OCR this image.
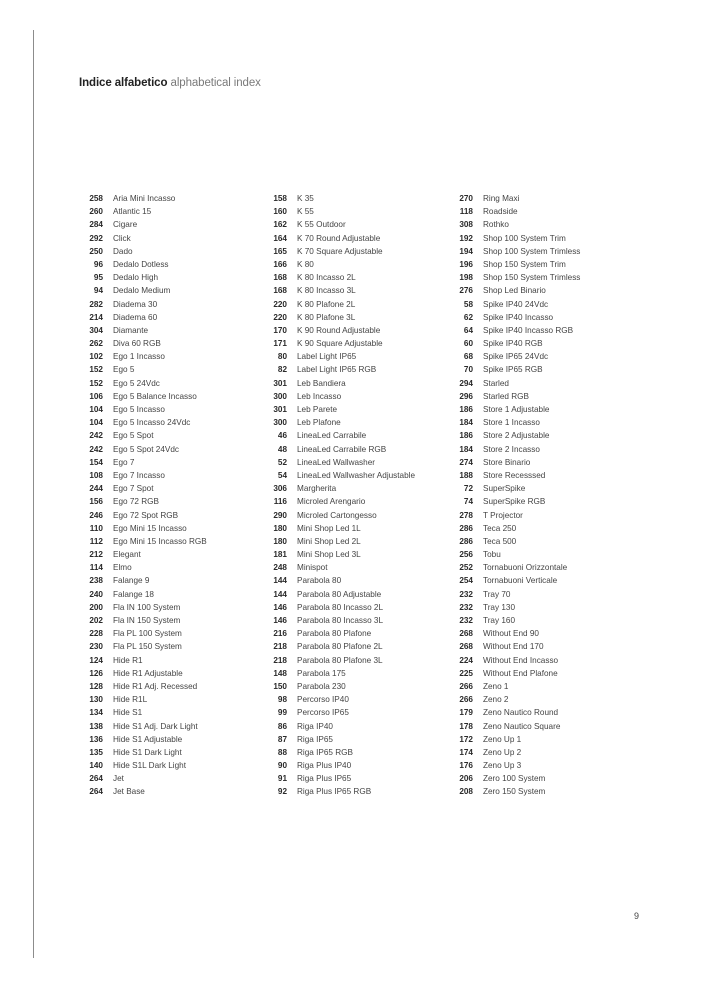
Indice alfabetico alphabetical index
258 Aria Mini Incasso
260 Atlantic 15
284 Cigare
292 Click
250 Dado
96 Dedalo Dotless
95 Dedalo High
94 Dedalo Medium
282 Diadema 30
214 Diadema 60
304 Diamante
262 Diva 60 RGB
102 Ego 1 Incasso
152 Ego 5
152 Ego 5 24Vdc
106 Ego 5 Balance Incasso
104 Ego 5 Incasso
104 Ego 5 Incasso 24Vdc
242 Ego 5 Spot
242 Ego 5 Spot 24Vdc
154 Ego 7
108 Ego 7 Incasso
244 Ego 7 Spot
156 Ego 72 RGB
246 Ego 72 Spot RGB
110 Ego Mini 15 Incasso
112 Ego Mini 15 Incasso RGB
212 Elegant
114 Elmo
238 Falange 9
240 Falange 18
200 Fla IN 100 System
202 Fla IN 150 System
228 Fla PL 100 System
230 Fla PL 150 System
124 Hide R1
126 Hide R1 Adjustable
128 Hide R1 Adj. Recessed
130 Hide R1L
134 Hide S1
138 Hide S1 Adj. Dark Light
136 Hide S1 Adjustable
135 Hide S1 Dark Light
140 Hide S1L Dark Light
264 Jet
264 Jet Base
158 K 35
160 K 55
162 K 55 Outdoor
164 K 70 Round Adjustable
165 K 70 Square Adjustable
166 K 80
168 K 80 Incasso 2L
168 K 80 Incasso 3L
220 K 80 Plafone 2L
220 K 80 Plafone 3L
170 K 90 Round Adjustable
171 K 90 Square Adjustable
80 Label Light IP65
82 Label Light IP65 RGB
301 Leb Bandiera
300 Leb Incasso
301 Leb Parete
300 Leb Plafone
46 LineaLed Carrabile
48 LineaLed Carrabile RGB
52 LineaLed Wallwasher
54 LineaLed Wallwasher Adjustable
306 Margherita
116 Microled Arengario
290 Microled Cartongesso
180 Mini Shop Led 1L
180 Mini Shop Led 2L
181 Mini Shop Led 3L
248 Minispot
144 Parabola 80
144 Parabola 80 Adjustable
146 Parabola 80 Incasso 2L
146 Parabola 80 Incasso 3L
216 Parabola 80 Plafone
218 Parabola 80 Plafone 2L
218 Parabola 80 Plafone 3L
148 Parabola 175
150 Parabola 230
98 Percorso IP40
99 Percorso IP65
86 Riga IP40
87 Riga IP65
88 Riga IP65 RGB
90 Riga Plus IP40
91 Riga Plus IP65
92 Riga Plus IP65 RGB
270 Ring Maxi
118 Roadside
308 Rothko
192 Shop 100 System Trim
194 Shop 100 System Trimless
196 Shop 150 System Trim
198 Shop 150 System Trimless
276 Shop Led Binario
58 Spike IP40 24Vdc
62 Spike IP40 Incasso
64 Spike IP40 Incasso RGB
60 Spike IP40 RGB
68 Spike IP65 24Vdc
70 Spike IP65 RGB
294 Starled
296 Starled RGB
186 Store 1 Adjustable
184 Store 1 Incasso
186 Store 2 Adjustable
184 Store 2 Incasso
274 Store Binario
188 Store Recesssed
72 SuperSpike
74 SuperSpike RGB
278 T Projector
286 Teca 250
286 Teca 500
256 Tobu
252 Tornabuoni Orizzontale
254 Tornabuoni Verticale
232 Tray 70
232 Tray 130
232 Tray 160
268 Without End 90
268 Without End 170
224 Without End Incasso
225 Without End Plafone
266 Zeno 1
266 Zeno 2
179 Zeno Nautico Round
178 Zeno Nautico Square
172 Zeno Up 1
174 Zeno Up 2
176 Zeno Up 3
206 Zero 100 System
208 Zero 150 System
9
